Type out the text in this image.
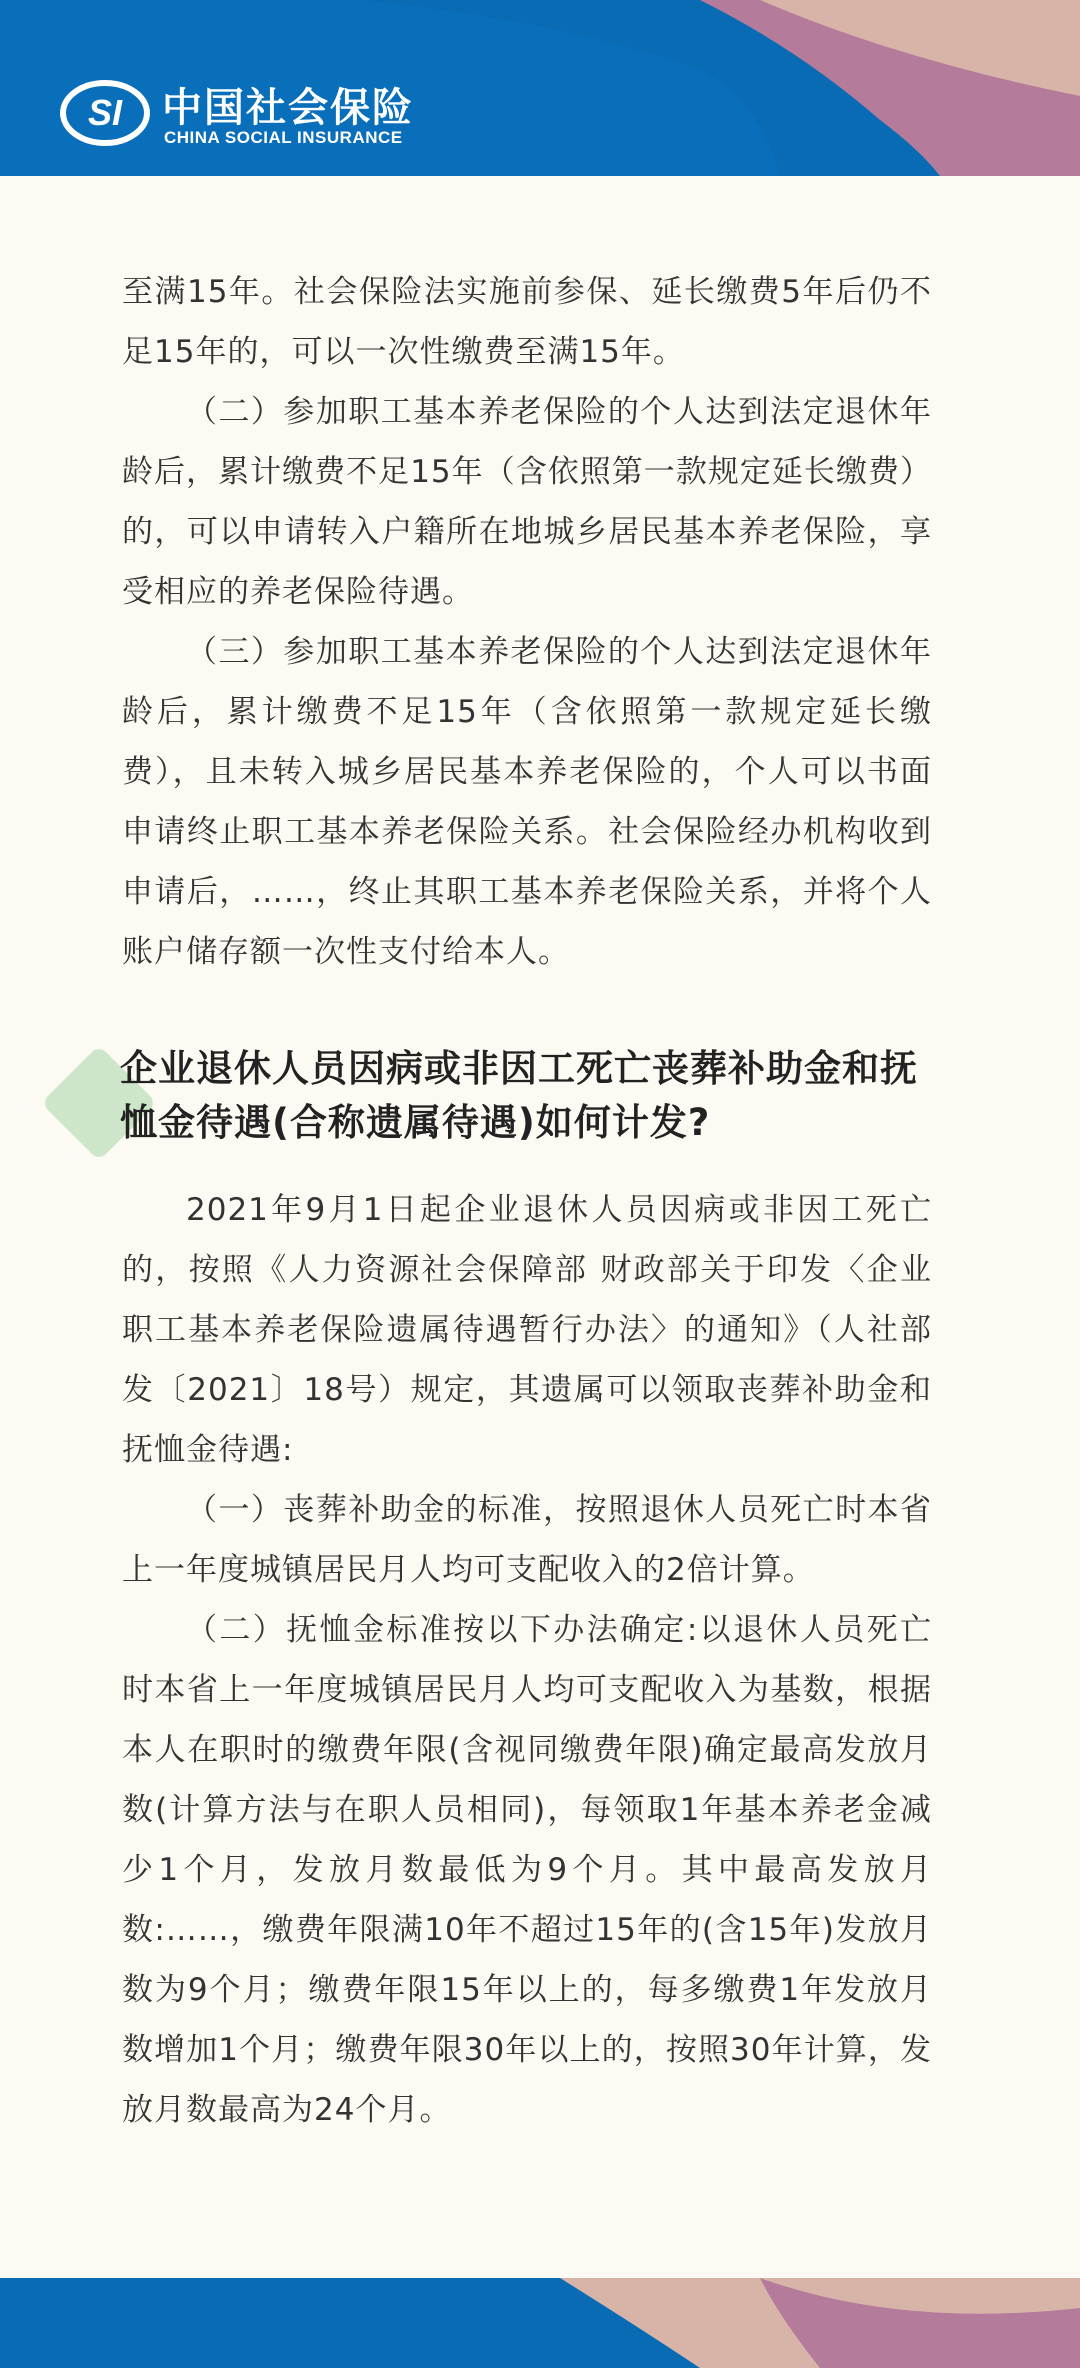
SI 中国社会保险
CHINA SOCIAL INSURANCE

至满15年。社会保险法实施前参保、延长缴费5年后仍不足15年的，可以一次性缴费至满15年。

（二）参加职工基本养老保险的个人达到法定退休年龄后，累计缴费不足15年（含依照第一款规定延长缴费）的，可以申请转入户籍所在地城乡居民基本养老保险，享受相应的养老保险待遇。

（三）参加职工基本养老保险的个人达到法定退休年龄后，累计缴费不足15年（含依照第一款规定延长缴费），且未转入城乡居民基本养老保险的，个人可以书面申请终止职工基本养老保险关系。社会保险经办机构收到申请后，……，终止其职工基本养老保险关系，并将个人账户储存额一次性支付给本人。

企业退休人员因病或非因工死亡丧葬补助金和抚恤金待遇(合称遗属待遇)如何计发?

2021年9月1日起企业退休人员因病或非因工死亡的，按照《人力资源社会保障部 财政部关于印发〈企业职工基本养老保险遗属待遇暂行办法〉的通知》（人社部发〔2021〕18号）规定，其遗属可以领取丧葬补助金和抚恤金待遇:

（一）丧葬补助金的标准，按照退休人员死亡时本省上一年度城镇居民月人均可支配收入的2倍计算。

（二）抚恤金标准按以下办法确定:以退休人员死亡时本省上一年度城镇居民月人均可支配收入为基数，根据本人在职时的缴费年限(含视同缴费年限)确定最高发放月数(计算方法与在职人员相同)，每领取1年基本养老金减少1个月，发放月数最低为9个月。其中最高发放月数:……，缴费年限满10年不超过15年的(含15年)发放月数为9个月；缴费年限15年以上的，每多缴费1年发放月数增加1个月；缴费年限30年以上的，按照30年计算，发放月数最高为24个月。
